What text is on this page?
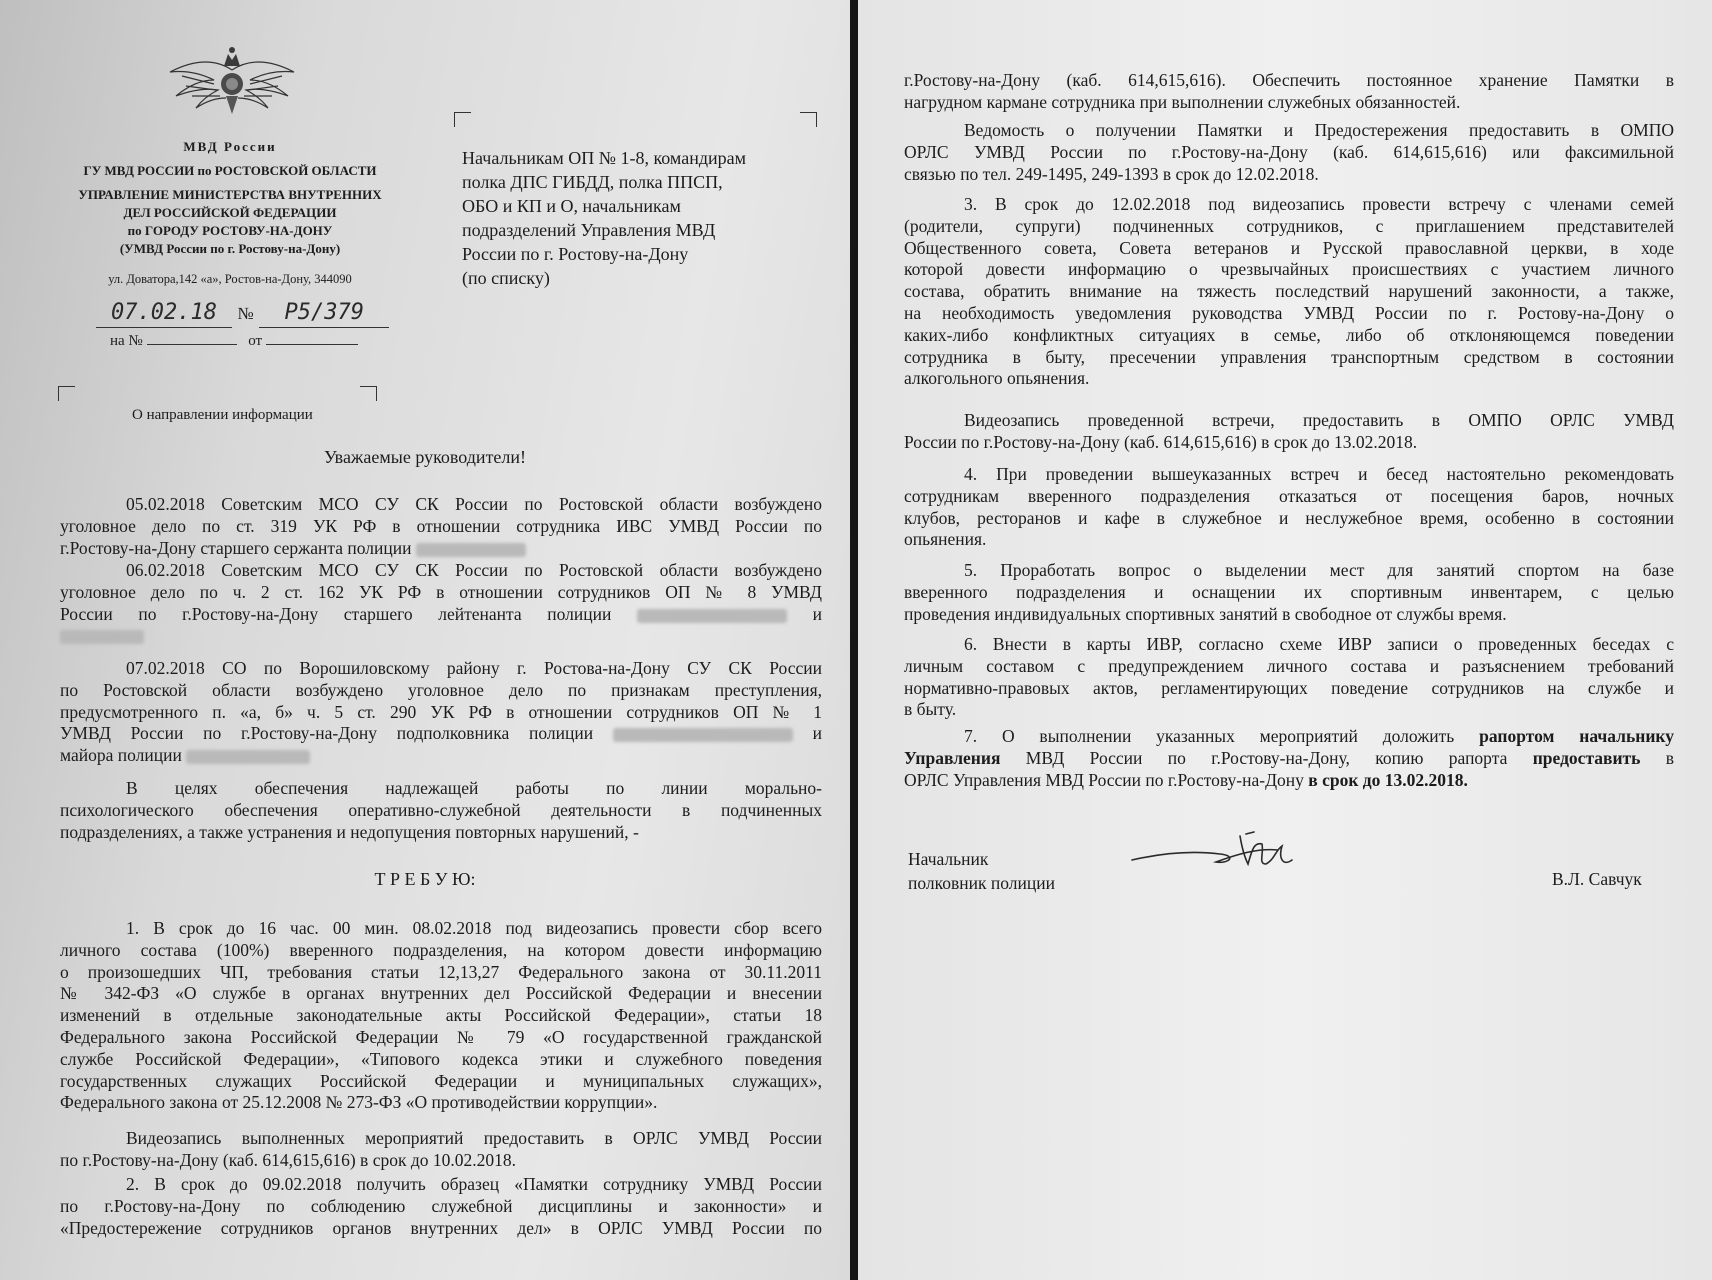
МВД России
ГУ МВД РОССИИ по РОСТОВСКОЙ ОБЛАСТИ
УПРАВЛЕНИЕ МИНИСТЕРСТВА ВНУТРЕННИХ
ДЕЛ РОССИЙСКОЙ ФЕДЕРАЦИИ
по ГОРОДУ РОСТОВУ-НА-ДОНУ
(УМВД России по г. Ростову-на-Дону)
ул. Доватора,142 «а», Ростов-на-Дону, 344090
07.02.18 № Р5/379
на №	от
Начальникам ОП № 1-8, командирам
полка ДПС ГИБДД, полка ППСП,
ОБО и КП и О, начальникам
подразделений Управления МВД
России по г. Ростову-на-Дону
(по списку)
О направлении информации
Уважаемые руководители!
05.02.2018 Советским МСО СУ СК России по Ростовской области возбуждено
уголовное дело по ст. 319 УК РФ в отношении сотрудника ИВС УМВД России по
г.Ростову-на-Дону старшего сержанта полиции
06.02.2018 Советским МСО СУ СК России по Ростовской области возбуждено
уголовное дело по ч. 2 ст. 162 УК РФ в отношении сотрудников ОП № 8 УМВД
России по г.Ростову-на-Дону старшего лейтенанта полиции	и
07.02.2018 СО по Ворошиловскому району г. Ростова-на-Дону СУ СК России
по Ростовской области возбуждено уголовное дело по признакам преступления,
предусмотренного п. «а, б» ч. 5 ст. 290 УК РФ в отношении сотрудников ОП № 1
УМВД России по г.Ростову-на-Дону подполковника полиции	и
майора полиции
В целях обеспечения надлежащей работы по линии морально-
психологического обеспечения оперативно-служебной деятельности в подчиненных
подразделениях, а также устранения и недопущения повторных нарушений, -
Т Р Е Б У Ю:
1. В срок до 16 час. 00 мин. 08.02.2018 под видеозапись провести сбор всего
личного состава (100%) вверенного подразделения, на котором довести информацию
о произошедших ЧП, требования статьи 12,13,27 Федерального закона от 30.11.2011
№ 342-ФЗ «О службе в органах внутренних дел Российской Федерации и внесении
изменений в отдельные законодательные акты Российской Федерации», статьи 18
Федерального закона Российской Федерации № 79 «О государственной гражданской
службе Российской Федерации», «Типового кодекса этики и служебного поведения
государственных служащих Российской Федерации и муниципальных служащих»,
Федерального закона от 25.12.2008 № 273-ФЗ «О противодействии коррупции».
Видеозапись выполненных мероприятий предоставить в ОРЛС УМВД России
по г.Ростову-на-Дону (каб. 614,615,616) в срок до 10.02.2018.
2. В срок до 09.02.2018 получить образец «Памятки сотруднику УМВД России
по г.Ростову-на-Дону по соблюдению служебной дисциплины и законности» и
«Предостережение сотрудников органов внутренних дел» в ОРЛС УМВД России по
г.Ростову-на-Дону (каб. 614,615,616). Обеспечить постоянное хранение Памятки в
нагрудном кармане сотрудника при выполнении служебных обязанностей.
Ведомость о получении Памятки и Предостережения предоставить в ОМПО
ОРЛС УМВД России по г.Ростову-на-Дону (каб. 614,615,616) или факсимильной
связью по тел. 249-1495, 249-1393 в срок до 12.02.2018.
3. В срок до 12.02.2018 под видеозапись провести встречу с членами семей
(родители, супруги) подчиненных сотрудников, с приглашением представителей
Общественного совета, Совета ветеранов и Русской православной церкви, в ходе
которой довести информацию о чрезвычайных происшествиях с участием личного
состава, обратить внимание на тяжесть последствий нарушений законности, а также,
на необходимость уведомления руководства УМВД России по г. Ростову-на-Дону о
каких-либо конфликтных ситуациях в семье, либо об отклоняющемся поведении
сотрудника в быту, пресечении управления транспортным средством в состоянии
алкогольного опьянения.
Видеозапись проведенной встречи, предоставить в ОМПО ОРЛС УМВД
России по г.Ростову-на-Дону (каб. 614,615,616) в срок до 13.02.2018.
4. При проведении вышеуказанных встреч и бесед настоятельно рекомендовать
сотрудникам вверенного подразделения отказаться от посещения баров, ночных
клубов, ресторанов и кафе в служебное и неслужебное время, особенно в состоянии
опьянения.
5. Проработать вопрос о выделении мест для занятий спортом на базе
вверенного подразделения и оснащении их спортивным инвентарем, с целью
проведения индивидуальных спортивных занятий в свободное от службы время.
6. Внести в карты ИВР, согласно схеме ИВР записи о проведенных беседах с
личным составом с предупреждением личного состава и разъяснением требований
нормативно-правовых актов, регламентирующих поведение сотрудников на службе и
в быту.
7. О выполнении указанных мероприятий доложить рапортом начальнику
Управления МВД России по г.Ростову-на-Дону, копию рапорта предоставить в
ОРЛС Управления МВД России по г.Ростову-на-Дону в срок до 13.02.2018.
Начальник
полковник полиции	В.Л. Савчук
